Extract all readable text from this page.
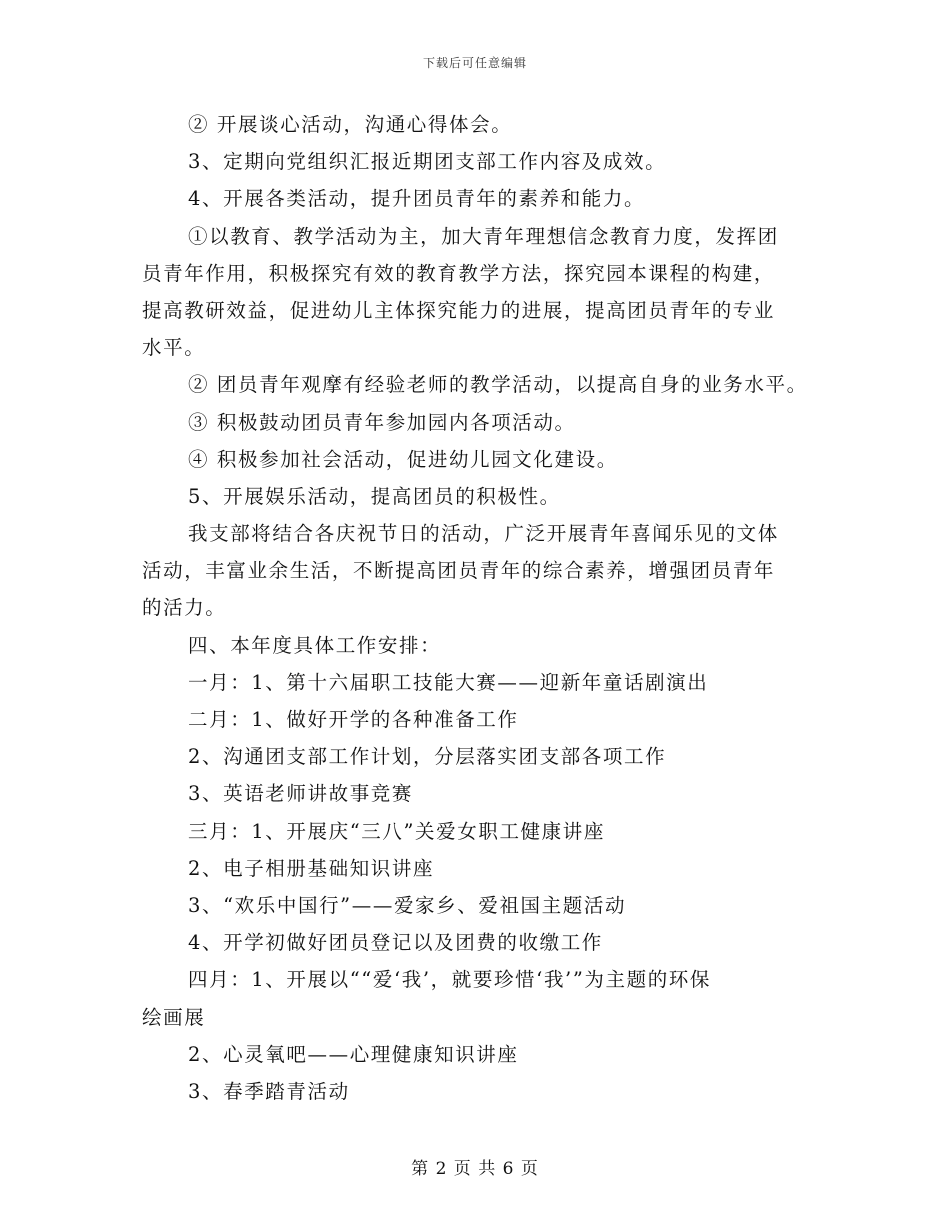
下载后可任意编辑
② 开展谈心活动，沟通心得体会。
3、定期向党组织汇报近期团支部工作内容及成效。
4、开展各类活动，提升团员青年的素养和能力。
①以教育、教学活动为主，加大青年理想信念教育力度，发挥团
员青年作用，积极探究有效的教育教学方法，探究园本课程的构建，
提高教研效益，促进幼儿主体探究能力的进展，提高团员青年的专业
水平。
② 团员青年观摩有经验老师的教学活动，以提高自身的业务水平。
③ 积极鼓动团员青年参加园内各项活动。
④ 积极参加社会活动，促进幼儿园文化建设。
5、开展娱乐活动，提高团员的积极性。
我支部将结合各庆祝节日的活动，广泛开展青年喜闻乐见的文体
活动，丰富业余生活，不断提高团员青年的综合素养，增强团员青年
的活力。
四、本年度具体工作安排：
一月：1、第十六届职工技能大赛——迎新年童话剧演出
二月：1、做好开学的各种准备工作
2、沟通团支部工作计划，分层落实团支部各项工作
3、英语老师讲故事竞赛
三月：1、开展庆“三八”关爱女职工健康讲座
2、电子相册基础知识讲座
3、“欢乐中国行”——爱家乡、爱祖国主题活动
4、开学初做好团员登记以及团费的收缴工作
四月：1、开展以““爱‘我’，就要珍惜‘我’”为主题的环保
绘画展
2、心灵氧吧——心理健康知识讲座
3、春季踏青活动
第 2 页 共 6 页
